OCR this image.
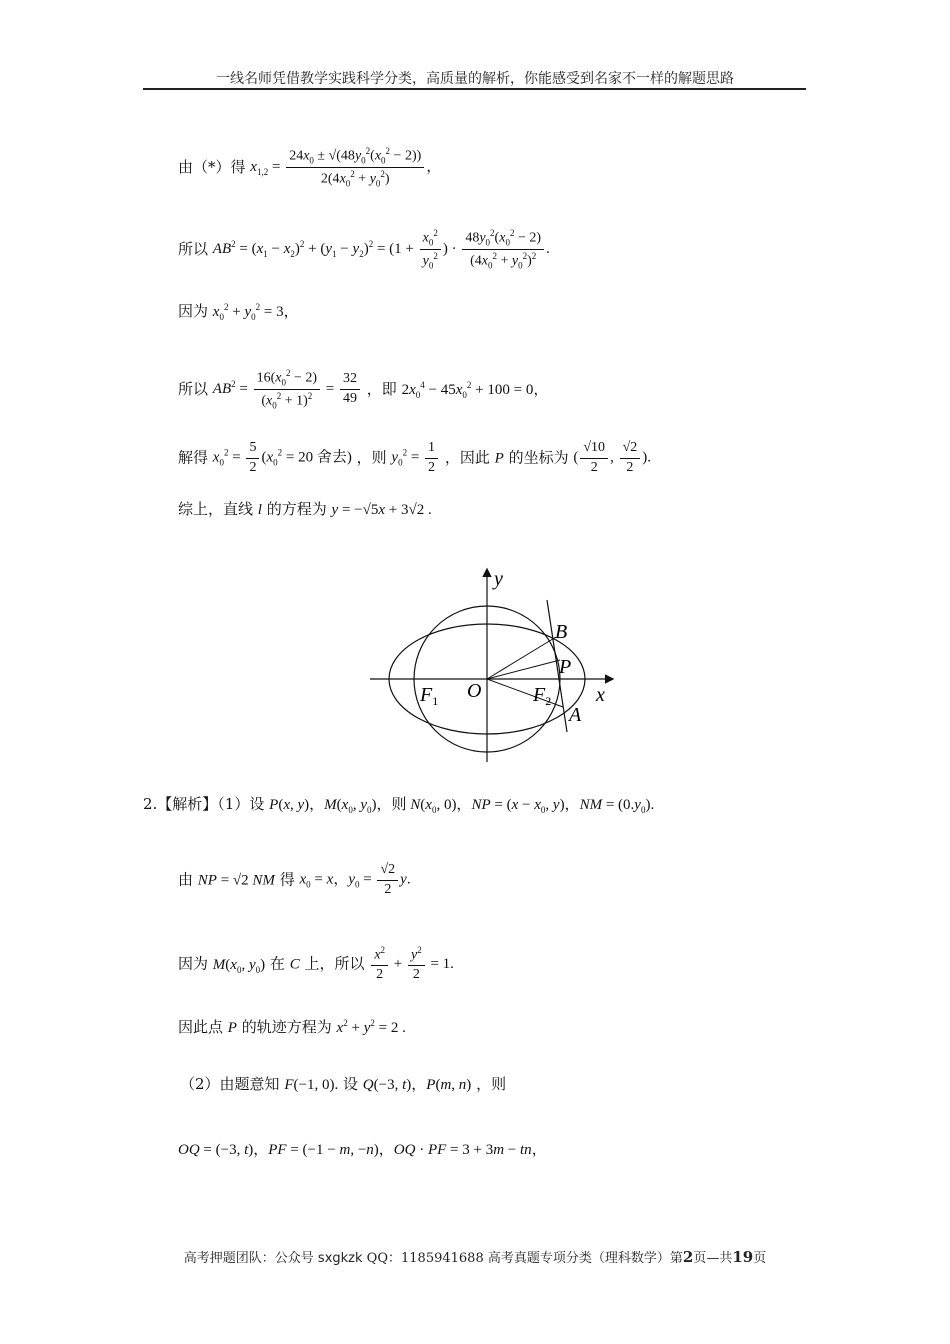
一线名师凭借教学实践科学分类，高质量的解析，你能感受到名家不一样的解题思路
由（*）得 $x_{1,2} = \frac{24x_0 \pm √(48y_0^2(x_0^2 - 2))}{2(4x_0^2 + y_0^2)}$ ，
所以 $AB^2 = (x_1 - x_2)^2 + (y_1 - y_2)^2 = (1 + \frac{x_0^2}{y_0^2}$ ) · $\frac{48y_0^2(x_0^2 - 2)}{(4x_0^2 + y_0^2)^2}$ .
因为 $x_0^2 + y_0^2 = 3$，
所以 $AB^2 = \frac{16(x_0^2 - 2)}{(x_0^2 + 1)^2} = \frac{32}{49}$ ，即 $2x_0^4 - 45x_0^2 + 100 = 0$，
解得 $x_0^2 = \frac{5}{2} (x_0^2 = 20$ 舍去) ，则 $y_0^2 = \frac{1}{2}$ ，因此 P 的坐标为 ( $\frac{√10}{2}$ , $\frac{√2}{2}$ ).
综上，直线 l 的方程为 y = −√5x + 3√2 .
y
x
B
P
O
$F_1$	$F_2$
A
2.【解析】（1）设 P(x, y)，$M(x_0$, $y_0$)，则 $N(x_0$, 0)，NP = ($x - x_0$, y)，NM = $(0.y_0)$.
由 NP = √2 NM 得 $x_0 = x$，$y_0 = \frac{√2}{2} y$.
因为 $M(x_0$, $y_0$) 在 C 上，所以 $\frac{x^2}{2} + \frac{y^2}{2} = 1$.
因此点 P 的轨迹方程为 $x^2 + y^2 = 2$ .
（2）由题意知 F(−1, 0). 设 Q(−3, t)，P(m, n) ，则
OQ = (−3, t)，PF = (−1 − m, −n)，OQ · PF = 3 + 3m − tn，
高考押题团队：公众号 sxgkzk QQ：1185941688 高考真题专项分类（理科数学）第2页—共19页
